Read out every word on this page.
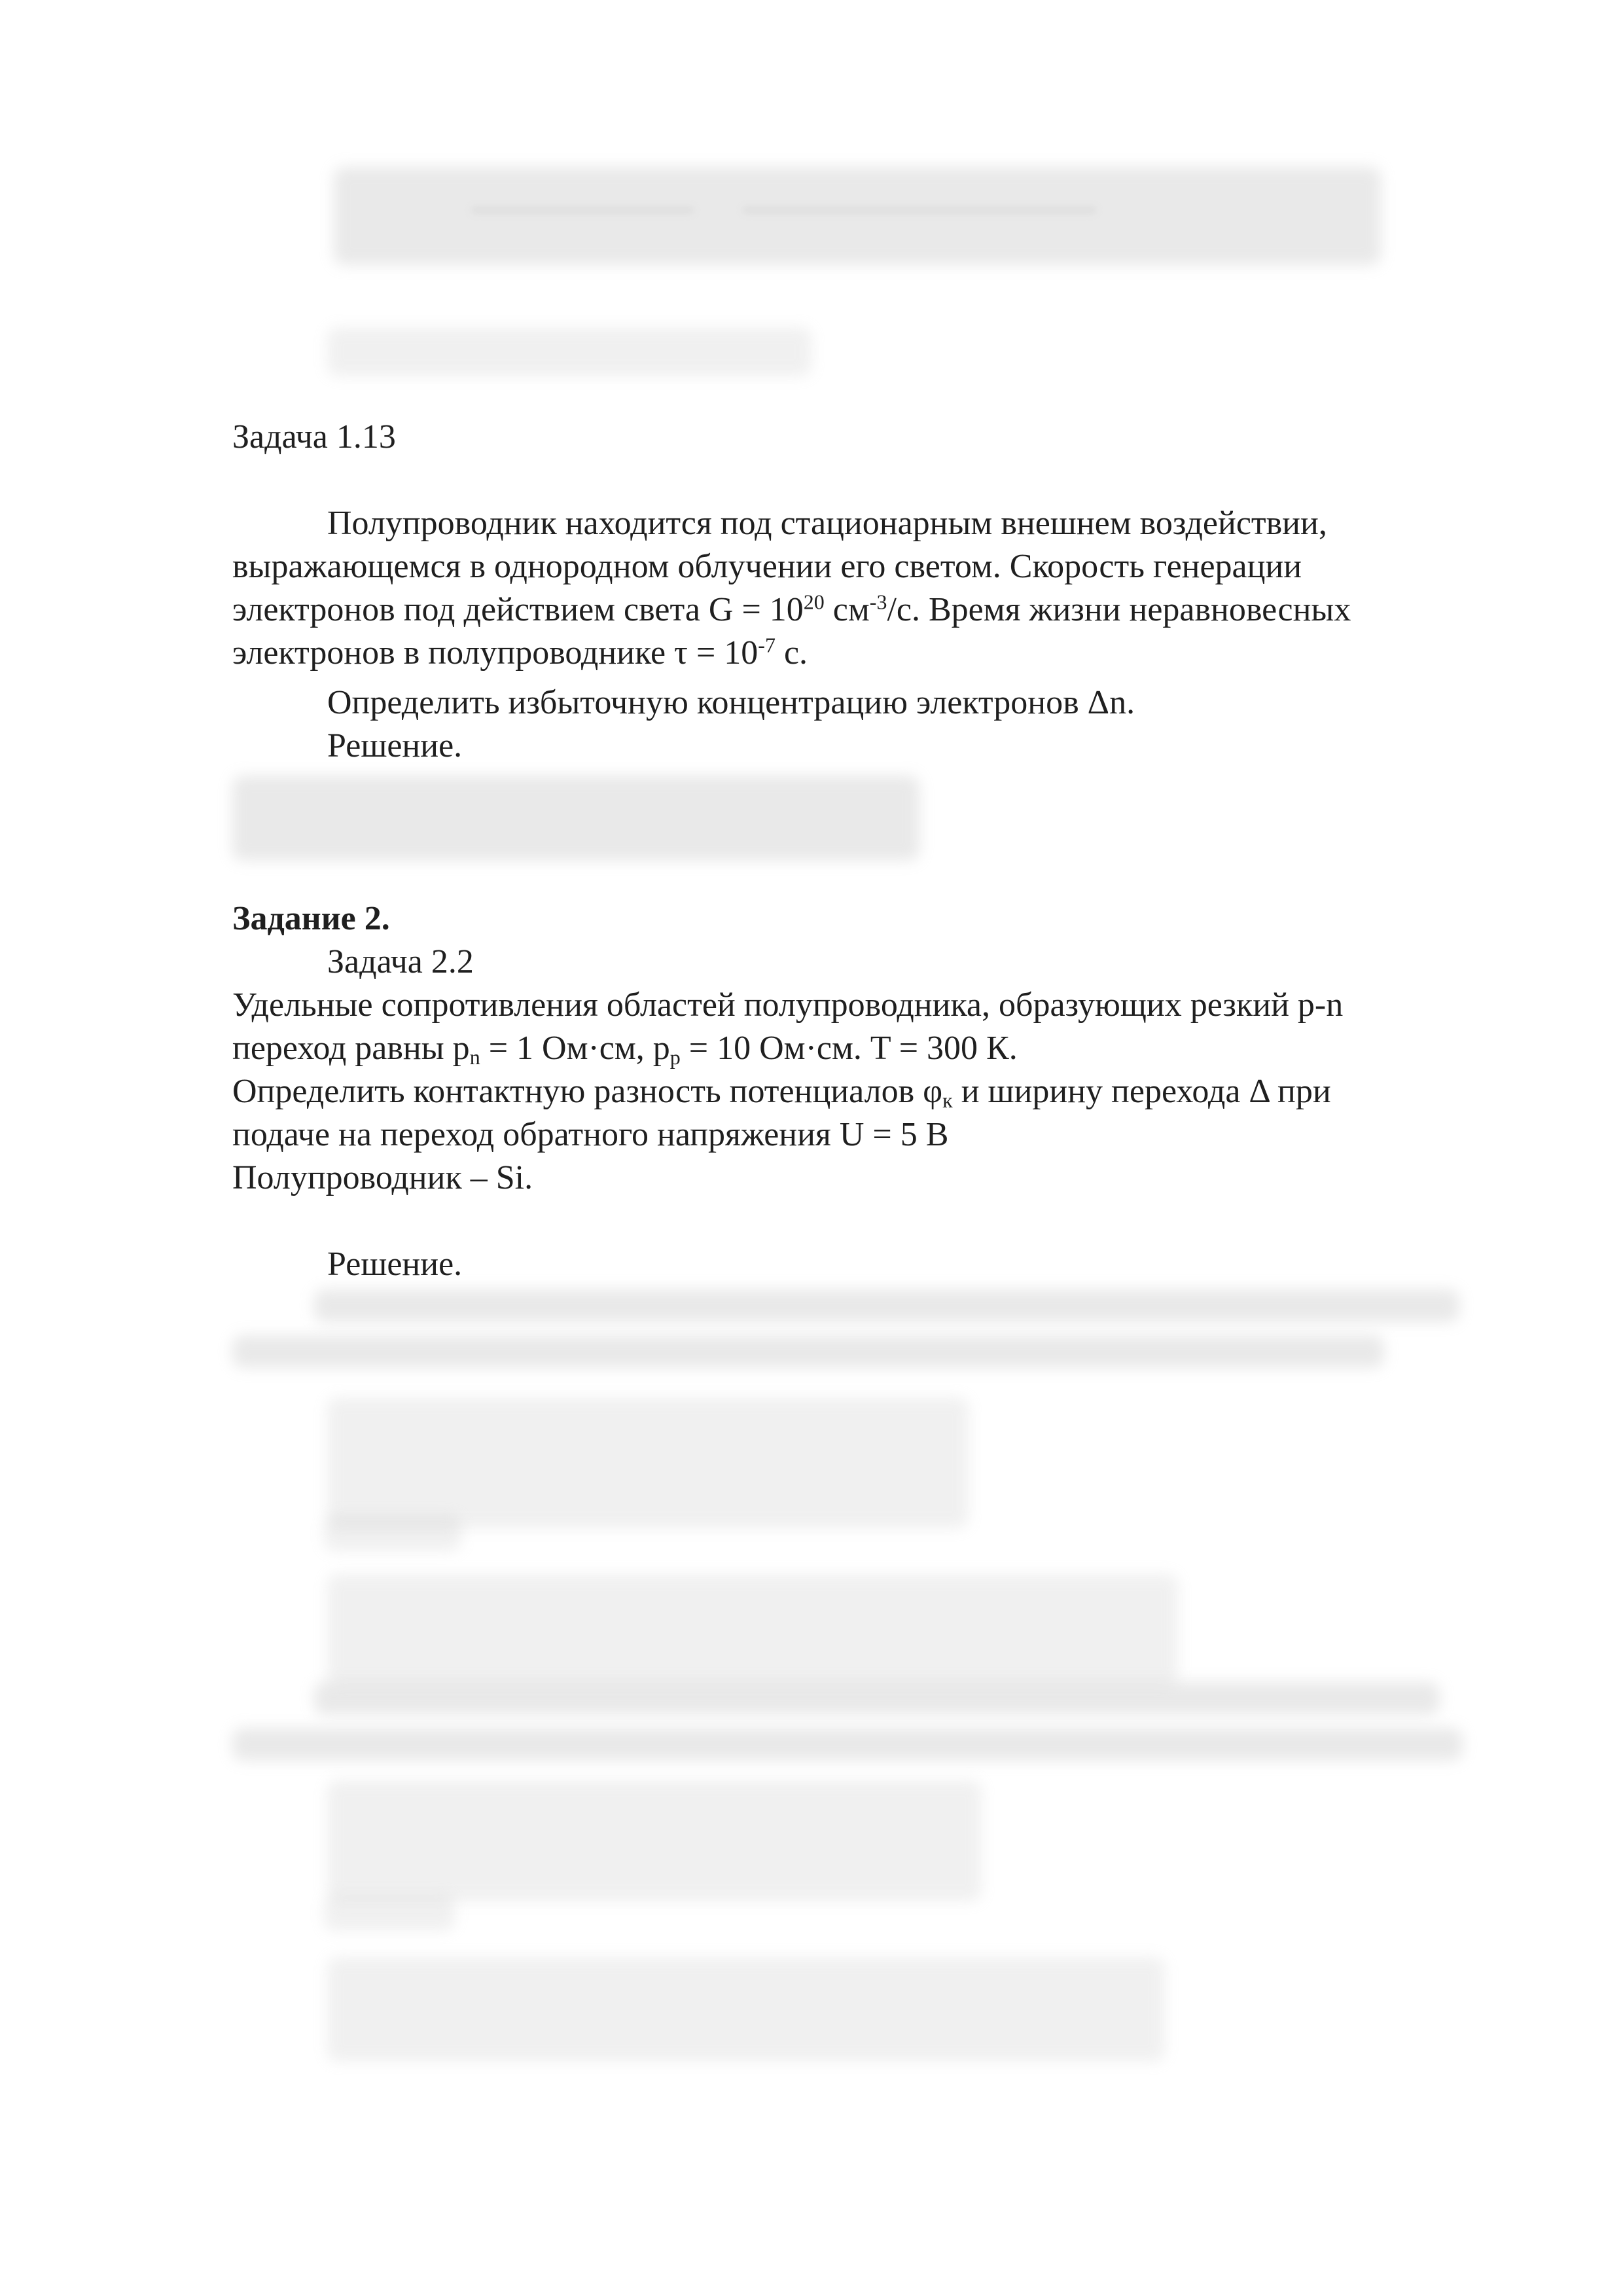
Задача 1.13
Полупроводник находится под стационарным внешнем воздействии,
выражающемся в однородном облучении его светом. Скорость генерации
электронов под действием света $G = 10^{20}$ $см^{-3}/с$. Время жизни неравновесных
электронов в полупроводнике $\tau = 10^{-7}$ с.
Определить избыточную концентрацию электронов Δn.
Решение.
Задание 2.
Задача 2.2
Удельные сопротивления областей полупроводника, образующих резкий p-n
переход равны $p_n = 1$ Ом·см, $p_p = 10$ Ом·см. T = 300 К.
Определить контактную разность потенциалов $\varphi_к$ и ширину перехода Δ при
подаче на переход обратного напряжения U = 5 В
Полупроводник – Si.
Решение.
